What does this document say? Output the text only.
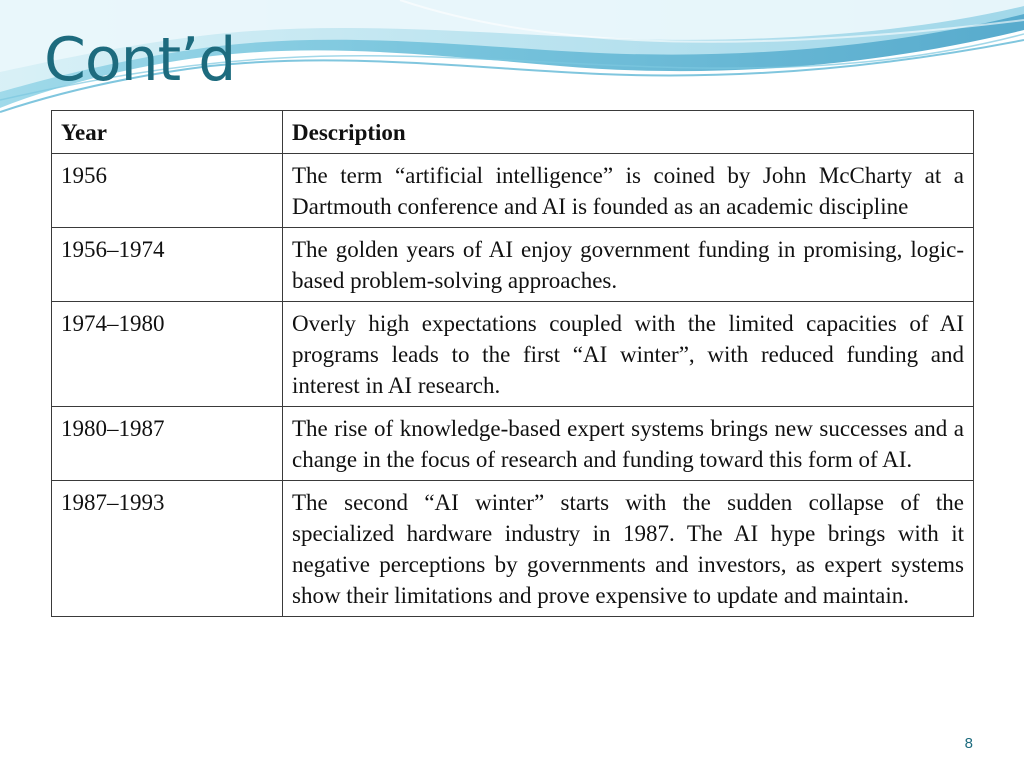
Cont’d
Year	Description
1956	The term “artificial intelligence” is coined by John McCharty at a Dartmouth conference and AI is founded as an academic discipline
1956–1974	The golden years of AI enjoy government funding in promising, logic-based problem-solving approaches.
1974–1980	Overly high expectations coupled with the limited capacities of AI programs leads to the first “AI winter”, with reduced funding and interest in AI research.
1980–1987	The rise of knowledge-based expert systems brings new successes and a change in the focus of research and funding toward this form of AI.
1987–1993	The second “AI winter” starts with the sudden collapse of the specialized hardware industry in 1987. The AI hype brings with it negative perceptions by governments and investors, as expert systems show their limitations and prove expensive to update and maintain.
8
